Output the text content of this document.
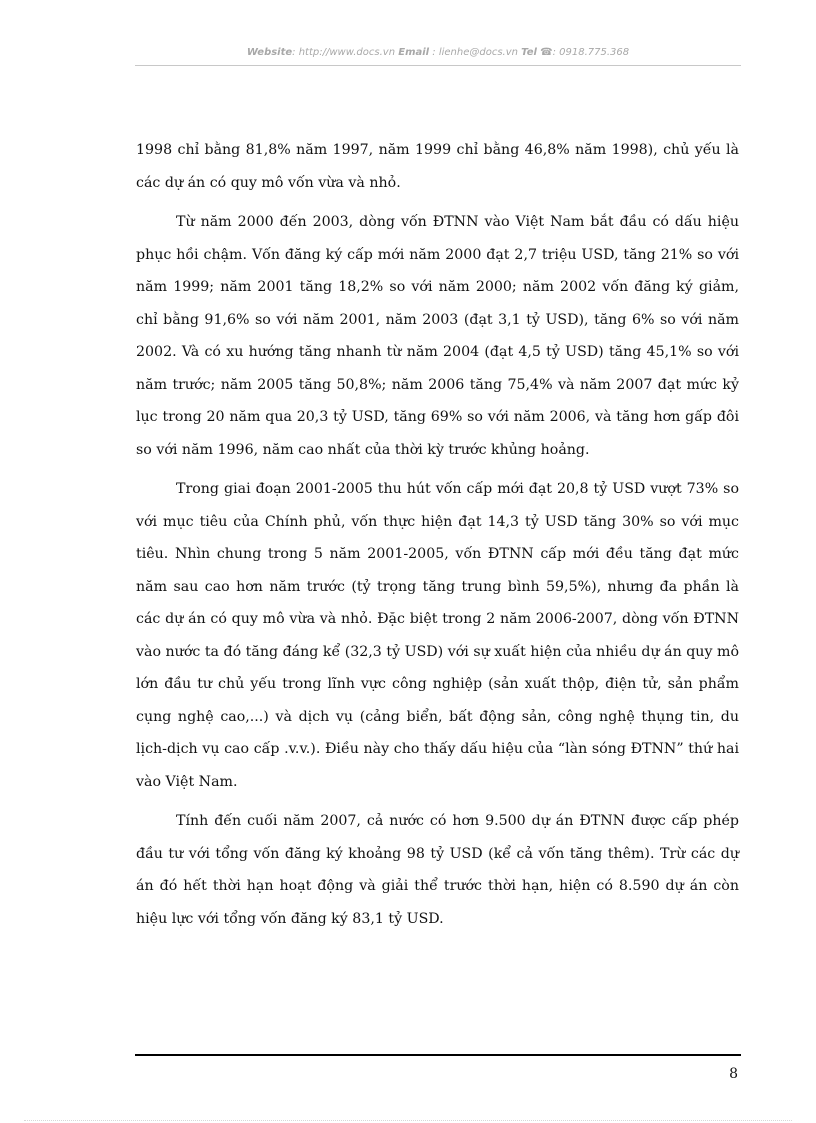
Website: http://www.docs.vn Email : lienhe@docs.vn Tel ☎: 0918.775.368

1998 chỉ bằng 81,8% năm 1997, năm 1999 chỉ bằng 46,8% năm 1998), chủ yếu là các dự án có quy mô vốn vừa và nhỏ.

Từ năm 2000 đến 2003, dòng vốn ĐTNN vào Việt Nam bắt đầu có dấu hiệu phục hồi chậm. Vốn đăng ký cấp mới năm 2000 đạt 2,7 triệu USD, tăng 21% so với năm 1999; năm 2001 tăng 18,2% so với năm 2000; năm 2002 vốn đăng ký giảm, chỉ bằng 91,6% so với năm 2001, năm 2003 (đạt 3,1 tỷ USD), tăng 6% so với năm 2002. Và có xu hướng tăng nhanh từ năm 2004 (đạt 4,5 tỷ USD) tăng 45,1% so với năm trước; năm 2005 tăng 50,8%; năm 2006 tăng 75,4% và năm 2007 đạt mức kỷ lục trong 20 năm qua 20,3 tỷ USD, tăng 69% so với năm 2006, và tăng hơn gấp đôi so với năm 1996, năm cao nhất của thời kỳ trước khủng hoảng.

Trong giai đoạn 2001-2005 thu hút vốn cấp mới đạt 20,8 tỷ USD vượt 73% so với mục tiêu của Chính phủ, vốn thực hiện đạt 14,3 tỷ USD tăng 30% so với mục tiêu. Nhìn chung trong 5 năm 2001-2005, vốn ĐTNN cấp mới đều tăng đạt mức năm sau cao hơn năm trước (tỷ trọng tăng trung bình 59,5%), nhưng đa phần là các dự án có quy mô vừa và nhỏ. Đặc biệt trong 2 năm 2006-2007, dòng vốn ĐTNN vào nước ta đó tăng đáng kể (32,3 tỷ USD) với sự xuất hiện của nhiều dự án quy mô lớn đầu tư chủ yếu trong lĩnh vực công nghiệp (sản xuất thộp, điện tử, sản phẩm cụng nghệ cao,...) và dịch vụ (cảng biển, bất động sản, công nghệ thụng tin, du lịch-dịch vụ cao cấp .v.v.). Điều này cho thấy dấu hiệu của “làn sóng ĐTNN” thứ hai vào Việt Nam.

Tính đến cuối năm 2007, cả nước có hơn 9.500 dự án ĐTNN được cấp phép đầu tư với tổng vốn đăng ký khoảng 98 tỷ USD (kể cả vốn tăng thêm). Trừ các dự án đó hết thời hạn hoạt động và giải thể trước thời hạn, hiện có 8.590 dự án còn hiệu lực với tổng vốn đăng ký 83,1 tỷ USD.

8
